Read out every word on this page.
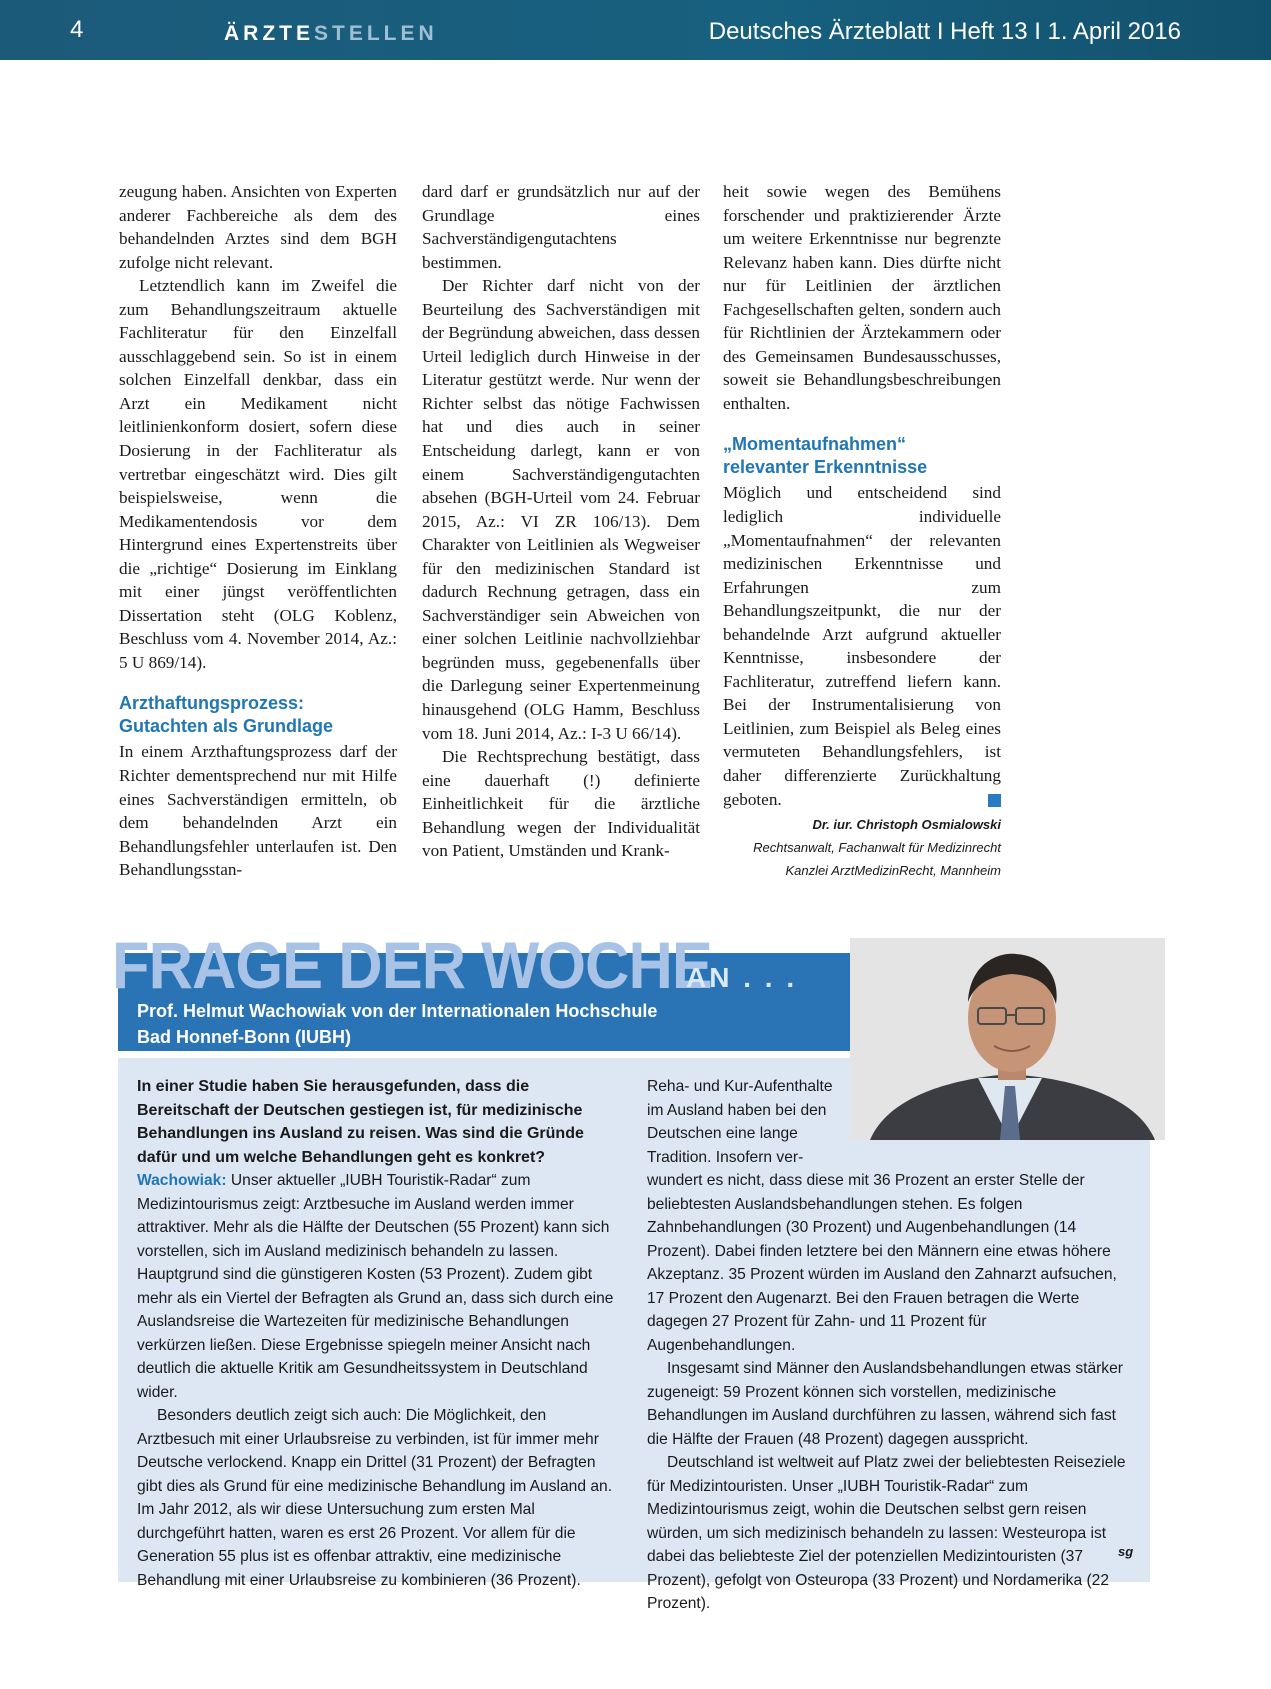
4	ÄRZTESTELLEN	Deutsches Ärzteblatt I Heft 13 I 1. April 2016

zeugung haben. Ansichten von Experten anderer Fachbereiche als dem des behandelnden Arztes sind dem BGH zufolge nicht relevant.

Letztendlich kann im Zweifel die zum Behandlungszeitraum aktuelle Fachliteratur für den Einzelfall ausschlaggebend sein. So ist in einem solchen Einzelfall denkbar, dass ein Arzt ein Medikament nicht leitlinienkonform dosiert, sofern diese Dosierung in der Fachliteratur als vertretbar eingeschätzt wird. Dies gilt beispielsweise, wenn die Medikamentendosis vor dem Hintergrund eines Expertenstreits über die „richtige“ Dosierung im Einklang mit einer jüngst veröffentlichten Dissertation steht (OLG Koblenz, Beschluss vom 4. November 2014, Az.: 5 U 869/14).

Arzthaftungsprozess:
Gutachten als Grundlage

In einem Arzthaftungsprozess darf der Richter dementsprechend nur mit Hilfe eines Sachverständigen ermitteln, ob dem behandelnden Arzt ein Behandlungsfehler unterlaufen ist. Den Behandlungsstan-

dard darf er grundsätzlich nur auf der Grundlage eines Sachverständigengutachtens bestimmen.

Der Richter darf nicht von der Beurteilung des Sachverständigen mit der Begründung abweichen, dass dessen Urteil lediglich durch Hinweise in der Literatur gestützt werde. Nur wenn der Richter selbst das nötige Fachwissen hat und dies auch in seiner Entscheidung darlegt, kann er von einem Sachverständigengutachten absehen (BGH-Urteil vom 24. Februar 2015, Az.: VI ZR 106/13). Dem Charakter von Leitlinien als Wegweiser für den medizinischen Standard ist dadurch Rechnung getragen, dass ein Sachverständiger sein Abweichen von einer solchen Leitlinie nachvollziehbar begründen muss, gegebenenfalls über die Darlegung seiner Expertenmeinung hinausgehend (OLG Hamm, Beschluss vom 18. Juni 2014, Az.: I-3 U 66/14).

Die Rechtsprechung bestätigt, dass eine dauerhaft (!) definierte Einheitlichkeit für die ärztliche Behandlung wegen der Individualität von Patient, Umständen und Krank-

heit sowie wegen des Bemühens forschender und praktizierender Ärzte um weitere Erkenntnisse nur begrenzte Relevanz haben kann. Dies dürfte nicht nur für Leitlinien der ärztlichen Fachgesellschaften gelten, sondern auch für Richtlinien der Ärztekammern oder des Gemeinsamen Bundesausschusses, soweit sie Behandlungsbeschreibungen enthalten.

„Momentaufnahmen“
relevanter Erkenntnisse

Möglich und entscheidend sind lediglich individuelle „Momentaufnahmen“ der relevanten medizinischen Erkenntnisse und Erfahrungen zum Behandlungszeitpunkt, die nur der behandelnde Arzt aufgrund aktueller Kenntnisse, insbesondere der Fachliteratur, zutreffend liefern kann. Bei der Instrumentalisierung von Leitlinien, zum Beispiel als Beleg eines vermuteten Behandlungsfehlers, ist daher differenzierte Zurückhaltung geboten.

Dr. iur. Christoph Osmialowski
Rechtsanwalt, Fachanwalt für Medizinrecht
Kanzlei ArztMedizinRecht, Mannheim
FRAGE DER WOCHE
AN . . .
Prof. Helmut Wachowiak von der Internationalen Hochschule
Bad Honnef-Bonn (IUBH)
In einer Studie haben Sie herausgefunden, dass die Bereitschaft der Deutschen gestiegen ist, für medizinische Behandlungen ins Ausland zu reisen. Was sind die Gründe dafür und um welche Behandlungen geht es konkret?

Wachowiak: Unser aktueller „IUBH Touristik-Radar“ zum Medizintourismus zeigt: Arztbesuche im Ausland werden immer attraktiver. Mehr als die Hälfte der Deutschen (55 Prozent) kann sich vorstellen, sich im Ausland medizinisch behandeln zu lassen. Hauptgrund sind die günstigeren Kosten (53 Prozent). Zudem gibt mehr als ein Viertel der Befragten als Grund an, dass sich durch eine Auslandsreise die Wartezeiten für medizinische Behandlungen verkürzen ließen. Diese Ergebnisse spiegeln meiner Ansicht nach deutlich die aktuelle Kritik am Gesundheitssystem in Deutschland wider.

Besonders deutlich zeigt sich auch: Die Möglichkeit, den Arztbesuch mit einer Urlaubsreise zu verbinden, ist für immer mehr Deutsche verlockend. Knapp ein Drittel (31 Prozent) der Befragten gibt dies als Grund für eine medizinische Behandlung im Ausland an. Im Jahr 2012, als wir diese Untersuchung zum ersten Mal durchgeführt hatten, waren es erst 26 Prozent. Vor allem für die Generation 55 plus ist es offenbar attraktiv, eine medizinische Behandlung mit einer Urlaubsreise zu kombinieren (36 Prozent).

Reha- und Kur-Aufenthalte im Ausland haben bei den Deutschen eine lange Tradition. Insofern ver-

wundert es nicht, dass diese mit 36 Prozent an erster Stelle der beliebtesten Auslandsbehandlungen stehen. Es folgen Zahnbehandlungen (30 Prozent) und Augenbehandlungen (14 Prozent). Dabei finden letztere bei den Männern eine etwas höhere Akzeptanz. 35 Prozent würden im Ausland den Zahnarzt aufsuchen, 17 Prozent den Augenarzt. Bei den Frauen betragen die Werte dagegen 27 Prozent für Zahn- und 11 Prozent für Augenbehandlungen.

Insgesamt sind Männer den Auslandsbehandlungen etwas stärker zugeneigt: 59 Prozent können sich vorstellen, medizinische Behandlungen im Ausland durchführen zu lassen, während sich fast die Hälfte der Frauen (48 Prozent) dagegen ausspricht.

Deutschland ist weltweit auf Platz zwei der beliebtesten Reiseziele für Medizintouristen. Unser „IUBH Touristik-Radar“ zum Medizintourismus zeigt, wohin die Deutschen selbst gern reisen würden, um sich medizinisch behandeln zu lassen: Westeuropa ist dabei das beliebteste Ziel der potenziellen Medizintouristen (37 Prozent), gefolgt von Osteuropa (33 Prozent) und Nordamerika (22 Prozent).

sg
